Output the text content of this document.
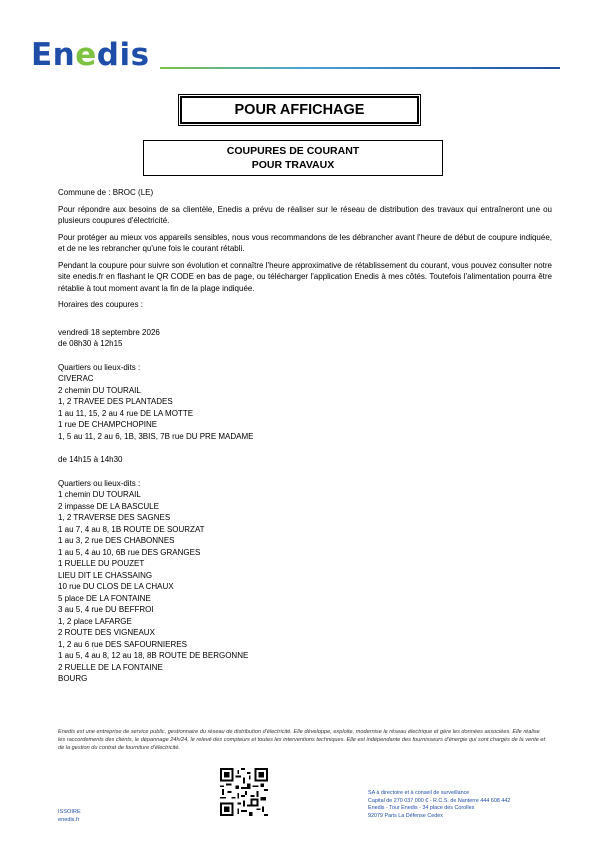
Enedis
POUR AFFICHAGE
COUPURES DE COURANT
POUR TRAVAUX

Commune de : BROC (LE)

Pour répondre aux besoins de sa clientèle, Enedis a prévu de réaliser sur le réseau de distribution des travaux qui entraîneront une ou plusieurs coupures d'électricité.

Pour protéger au mieux vos appareils sensibles, nous vous recommandons de les débrancher avant l'heure de début de coupure indiquée, et de ne les rebrancher qu'une fois le courant rétabli.

Pendant la coupure pour suivre son évolution et connaître l'heure approximative de rétablissement du courant, vous pouvez consulter notre site enedis.fr en flashant le QR CODE en bas de page, ou télécharger l'application Enedis à mes côtés. Toutefois l'alimentation pourra être rétablie à tout moment avant la fin de la plage indiquée.

Horaires des coupures :

vendredi 18 septembre 2026

de 08h30 à 12h15

Quartiers ou lieux-dits :

CIVERAC

2 chemin DU TOURAIL

1, 2 TRAVEE DES PLANTADES

1 au 11, 15, 2 au 4 rue DE LA MOTTE

1 rue DE CHAMPCHOPINE

1, 5 au 11, 2 au 6, 1B, 3BIS, 7B rue DU PRE MADAME

de 14h15 à 14h30

Quartiers ou lieux-dits :

1 chemin DU TOURAIL

2 impasse DE LA BASCULE

1, 2 TRAVERSE DES SAGNES

1 au 7, 4 au 8, 1B ROUTE DE SOURZAT

1 au 3, 2 rue DES CHABONNES

1 au 5, 4 au 10, 6B rue DES GRANGES

1 RUELLE DU POUZET

LIEU DIT LE CHASSAING

10 rue DU CLOS DE LA CHAUX

5 place DE LA FONTAINE

3 au 5, 4 rue DU BEFFROI

1, 2 place LAFARGE

2 ROUTE DES VIGNEAUX

1, 2 au 6 rue DES SAFOURNIERES

1 au 5, 4 au 8, 12 au 18, 8B ROUTE DE BERGONNE

2 RUELLE DE LA FONTAINE

BOURG

Enedis est une entreprise de service public, gestionnaire du réseau de distribution d'électricité. Elle développe, exploite, modernise le réseau électrique et gère les données associées. Elle réalise les raccordements des clients, le dépannage 24h/24, le relevé des compteurs et toutes les interventions techniques. Elle est indépendante des fournisseurs d'énergie qui sont chargés de la vente et de la gestion du contrat de fourniture d'électricité.
ISSOIRE
enedis.fr
SA à directoire et à conseil de surveillance
Capital de 270 037 000 € - R.C.S. de Nanterre 444 608 442
Enedis - Tour Enedis - 34 place des Corolles
92079 Paris La Défense Cedex
